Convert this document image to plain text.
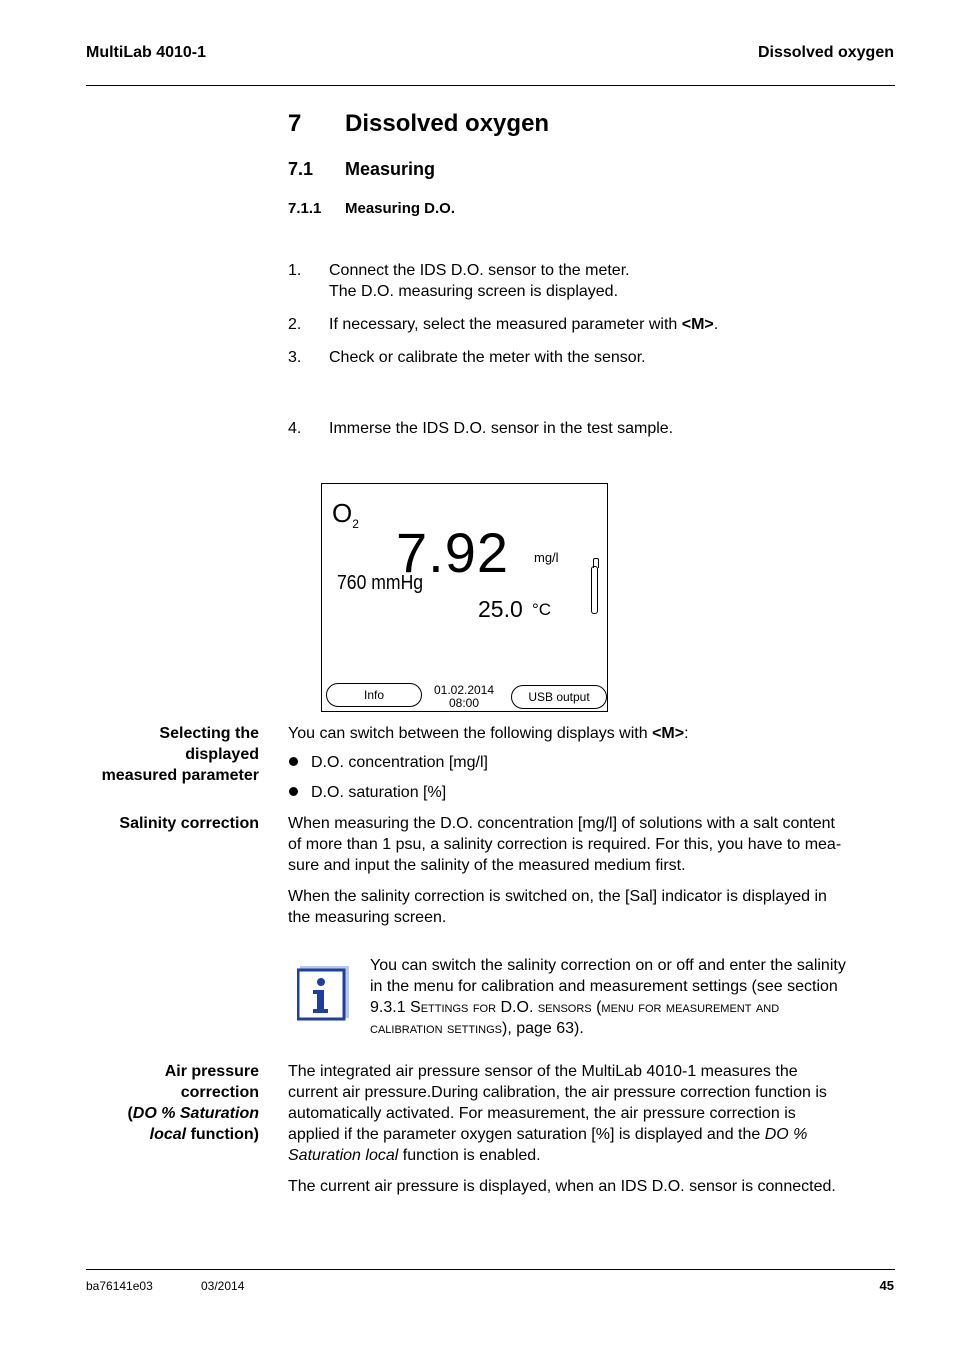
MultiLab 4010-1	Dissolved oxygen
7 Dissolved oxygen
7.1 Measuring
7.1.1 Measuring D.O.
1. Connect the IDS D.O. sensor to the meter.
The D.O. measuring screen is displayed.
2. If necessary, select the measured parameter with <M>.
3. Check or calibrate the meter with the sensor.
4. Immerse the IDS D.O. sensor in the test sample.
$O_2$ 7.92 mg/l
760 mmHg
25.0 °C
Info	01.02.2014
08:00	USB output
Selecting the
displayed
measured parameter
You can switch between the following displays with <M>:
D.O. concentration [mg/l]
D.O. saturation [%]
Salinity correction When measuring the D.O. concentration [mg/l] of solutions with a salt content
of more than 1 psu, a salinity correction is required. For this, you have to mea-
sure and input the salinity of the measured medium first.
When the salinity correction is switched on, the [Sal] indicator is displayed in
the measuring screen.
You can switch the salinity correction on or off and enter the salinity
in the menu for calibration and measurement settings (see section
9.3.1 Settings for D.O. sensors (menu for measurement and
calibration settings), page 63).
Air pressure
correction
(DO % Saturation
local function)
The integrated air pressure sensor of the MultiLab 4010-1 measures the
current air pressure.During calibration, the air pressure correction function is
automatically activated. For measurement, the air pressure correction is
applied if the parameter oxygen saturation [%] is displayed and the DO %
Saturation local function is enabled.
The current air pressure is displayed, when an IDS D.O. sensor is connected.
ba76141e03	03/2014	45
